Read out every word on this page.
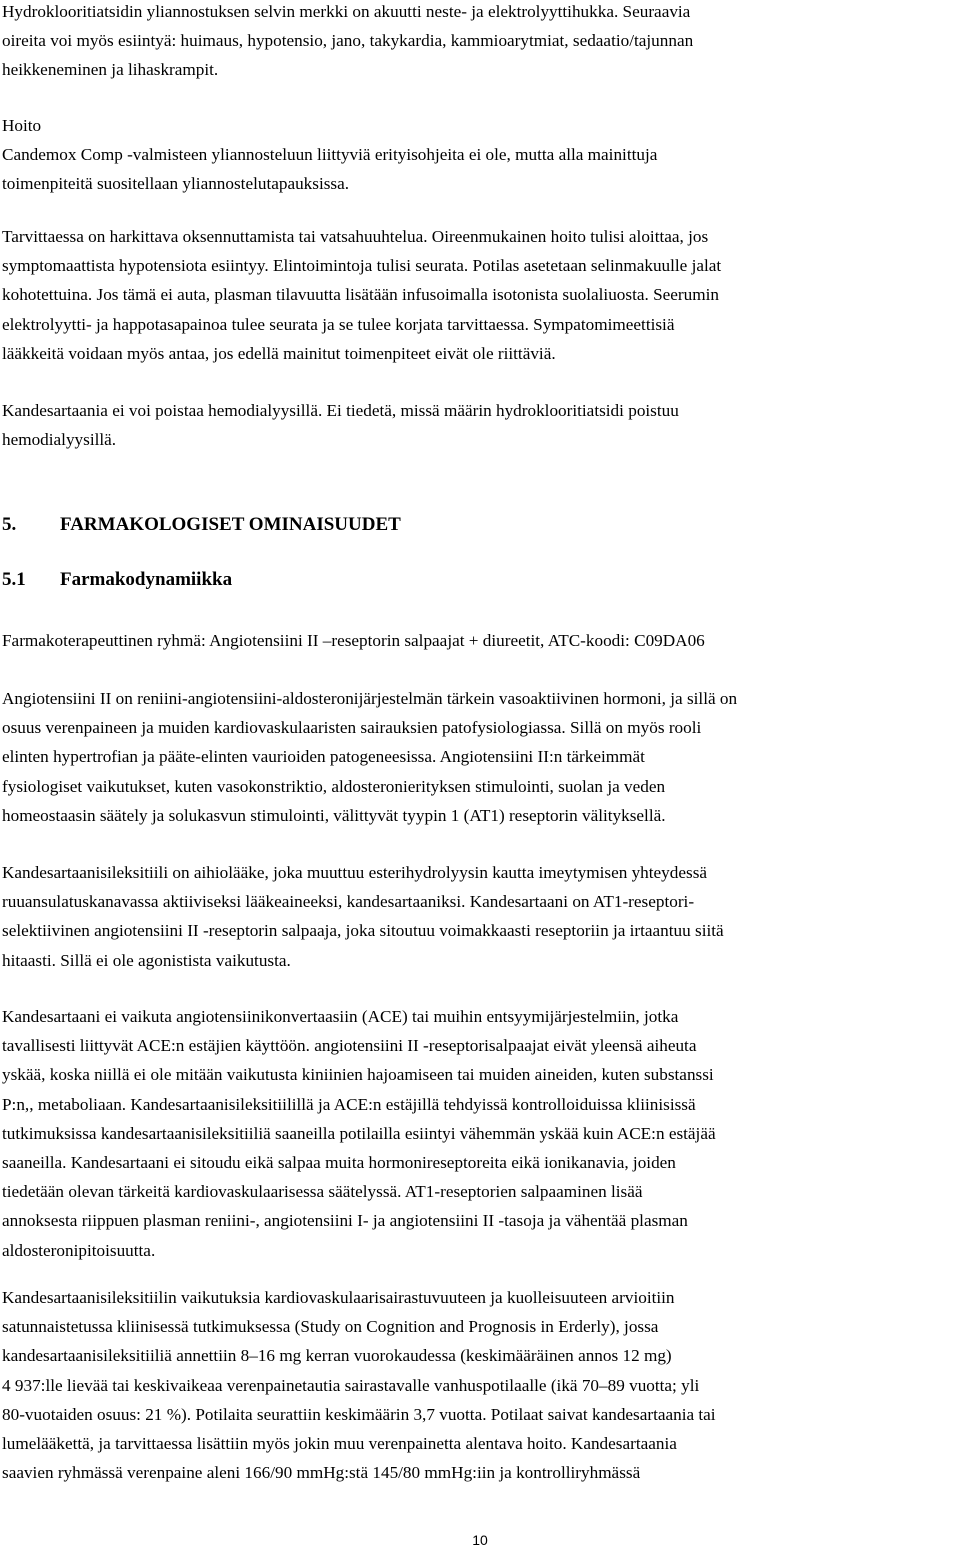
Hydroklooritiatsidin yliannostuksen selvin merkki on akuutti neste- ja elektrolyyttihukka. Seuraavia
oireita voi myös esiintyä: huimaus, hypotensio, jano, takykardia, kammioarytmiat, sedaatio/tajunnan
heikkeneminen ja lihaskrampit.

Hoito
Candemox Comp -valmisteen yliannosteluun liittyviä erityisohjeita ei ole, mutta alla mainittuja
toimenpiteitä suositellaan yliannostelutapauksissa.

Tarvittaessa on harkittava oksennuttamista tai vatsahuuhtelua. Oireenmukainen hoito tulisi aloittaa, jos
symptomaattista hypotensiota esiintyy. Elintoimintoja tulisi seurata. Potilas asetetaan selinmakuulle jalat
kohotettuina. Jos tämä ei auta, plasman tilavuutta lisätään infusoimalla isotonista suolaliuosta. Seerumin
elektrolyytti- ja happotasapainoa tulee seurata ja se tulee korjata tarvittaessa. Sympatomimeettisiä
lääkkeitä voidaan myös antaa, jos edellä mainitut toimenpiteet eivät ole riittäviä.

Kandesartaania ei voi poistaa hemodialyysillä. Ei tiedetä, missä määrin hydroklooritiatsidi poistuu
hemodialyysillä.

5. FARMAKOLOGISET OMINAISUUDET
5.1 Farmakodynamiikka

Farmakoterapeuttinen ryhmä: Angiotensiini II –reseptorin salpaajat + diureetit, ATC-koodi: C09DA06

Angiotensiini II on reniini-angiotensiini-aldosteronijärjestelmän tärkein vasoaktiivinen hormoni, ja sillä on
osuus verenpaineen ja muiden kardiovaskulaaristen sairauksien patofysiologiassa. Sillä on myös rooli
elinten hypertrofian ja pääte-elinten vaurioiden patogeneesissa. Angiotensiini II:n tärkeimmät
fysiologiset vaikutukset, kuten vasokonstriktio, aldosteronierityksen stimulointi, suolan ja veden
homeostaasin säätely ja solukasvun stimulointi, välittyvät tyypin 1 (AT1) reseptorin välityksellä.

Kandesartaanisileksitiili on aihiolääke, joka muuttuu esterihydrolyysin kautta imeytymisen yhteydessä
ruuansulatuskanavassa aktiiviseksi lääkeaineeksi, kandesartaaniksi. Kandesartaani on AT1-reseptori-
selektiivinen angiotensiini II -reseptorin salpaaja, joka sitoutuu voimakkaasti reseptoriin ja irtaantuu siitä
hitaasti. Sillä ei ole agonistista vaikutusta.

Kandesartaani ei vaikuta angiotensiinikonvertaasiin (ACE) tai muihin entsyymijärjestelmiin, jotka
tavallisesti liittyvät ACE:n estäjien käyttöön. angiotensiini II -reseptorisalpaajat eivät yleensä aiheuta
yskää, koska niillä ei ole mitään vaikutusta kiniinien hajoamiseen tai muiden aineiden, kuten substanssi
P:n,, metaboliaan. Kandesartaanisileksitiilillä ja ACE:n estäjillä tehdyissä kontrolloiduissa kliinisissä
tutkimuksissa kandesartaanisileksitiiliä saaneilla potilailla esiintyi vähemmän yskää kuin ACE:n estäjää
saaneilla. Kandesartaani ei sitoudu eikä salpaa muita hormonireseptoreita eikä ionikanavia, joiden
tiedetään olevan tärkeitä kardiovaskulaarisessa säätelyssä. AT1-reseptorien salpaaminen lisää
annoksesta riippuen plasman reniini-, angiotensiini I- ja angiotensiini II -tasoja ja vähentää plasman
aldosteronipitoisuutta.

Kandesartaanisileksitiilin vaikutuksia kardiovaskulaarisairastuvuuteen ja kuolleisuuteen arvioitiin
satunnaistetussa kliinisessä tutkimuksessa (Study on Cognition and Prognosis in Erderly), jossa
kandesartaanisileksitiiliä annettiin 8–16 mg kerran vuorokaudessa (keskimääräinen annos 12 mg)
4 937:lle lievää tai keskivaikeaa verenpainetautia sairastavalle vanhuspotilaalle (ikä 70–89 vuotta; yli
80-vuotaiden osuus: 21 %). Potilaita seurattiin keskimäärin 3,7 vuotta. Potilaat saivat kandesartaania tai
lumelääkettä, ja tarvittaessa lisättiin myös jokin muu verenpainetta alentava hoito. Kandesartaania
saavien ryhmässä verenpaine aleni 166/90 mmHg:stä 145/80 mmHg:iin ja kontrolliryhmässä

10
